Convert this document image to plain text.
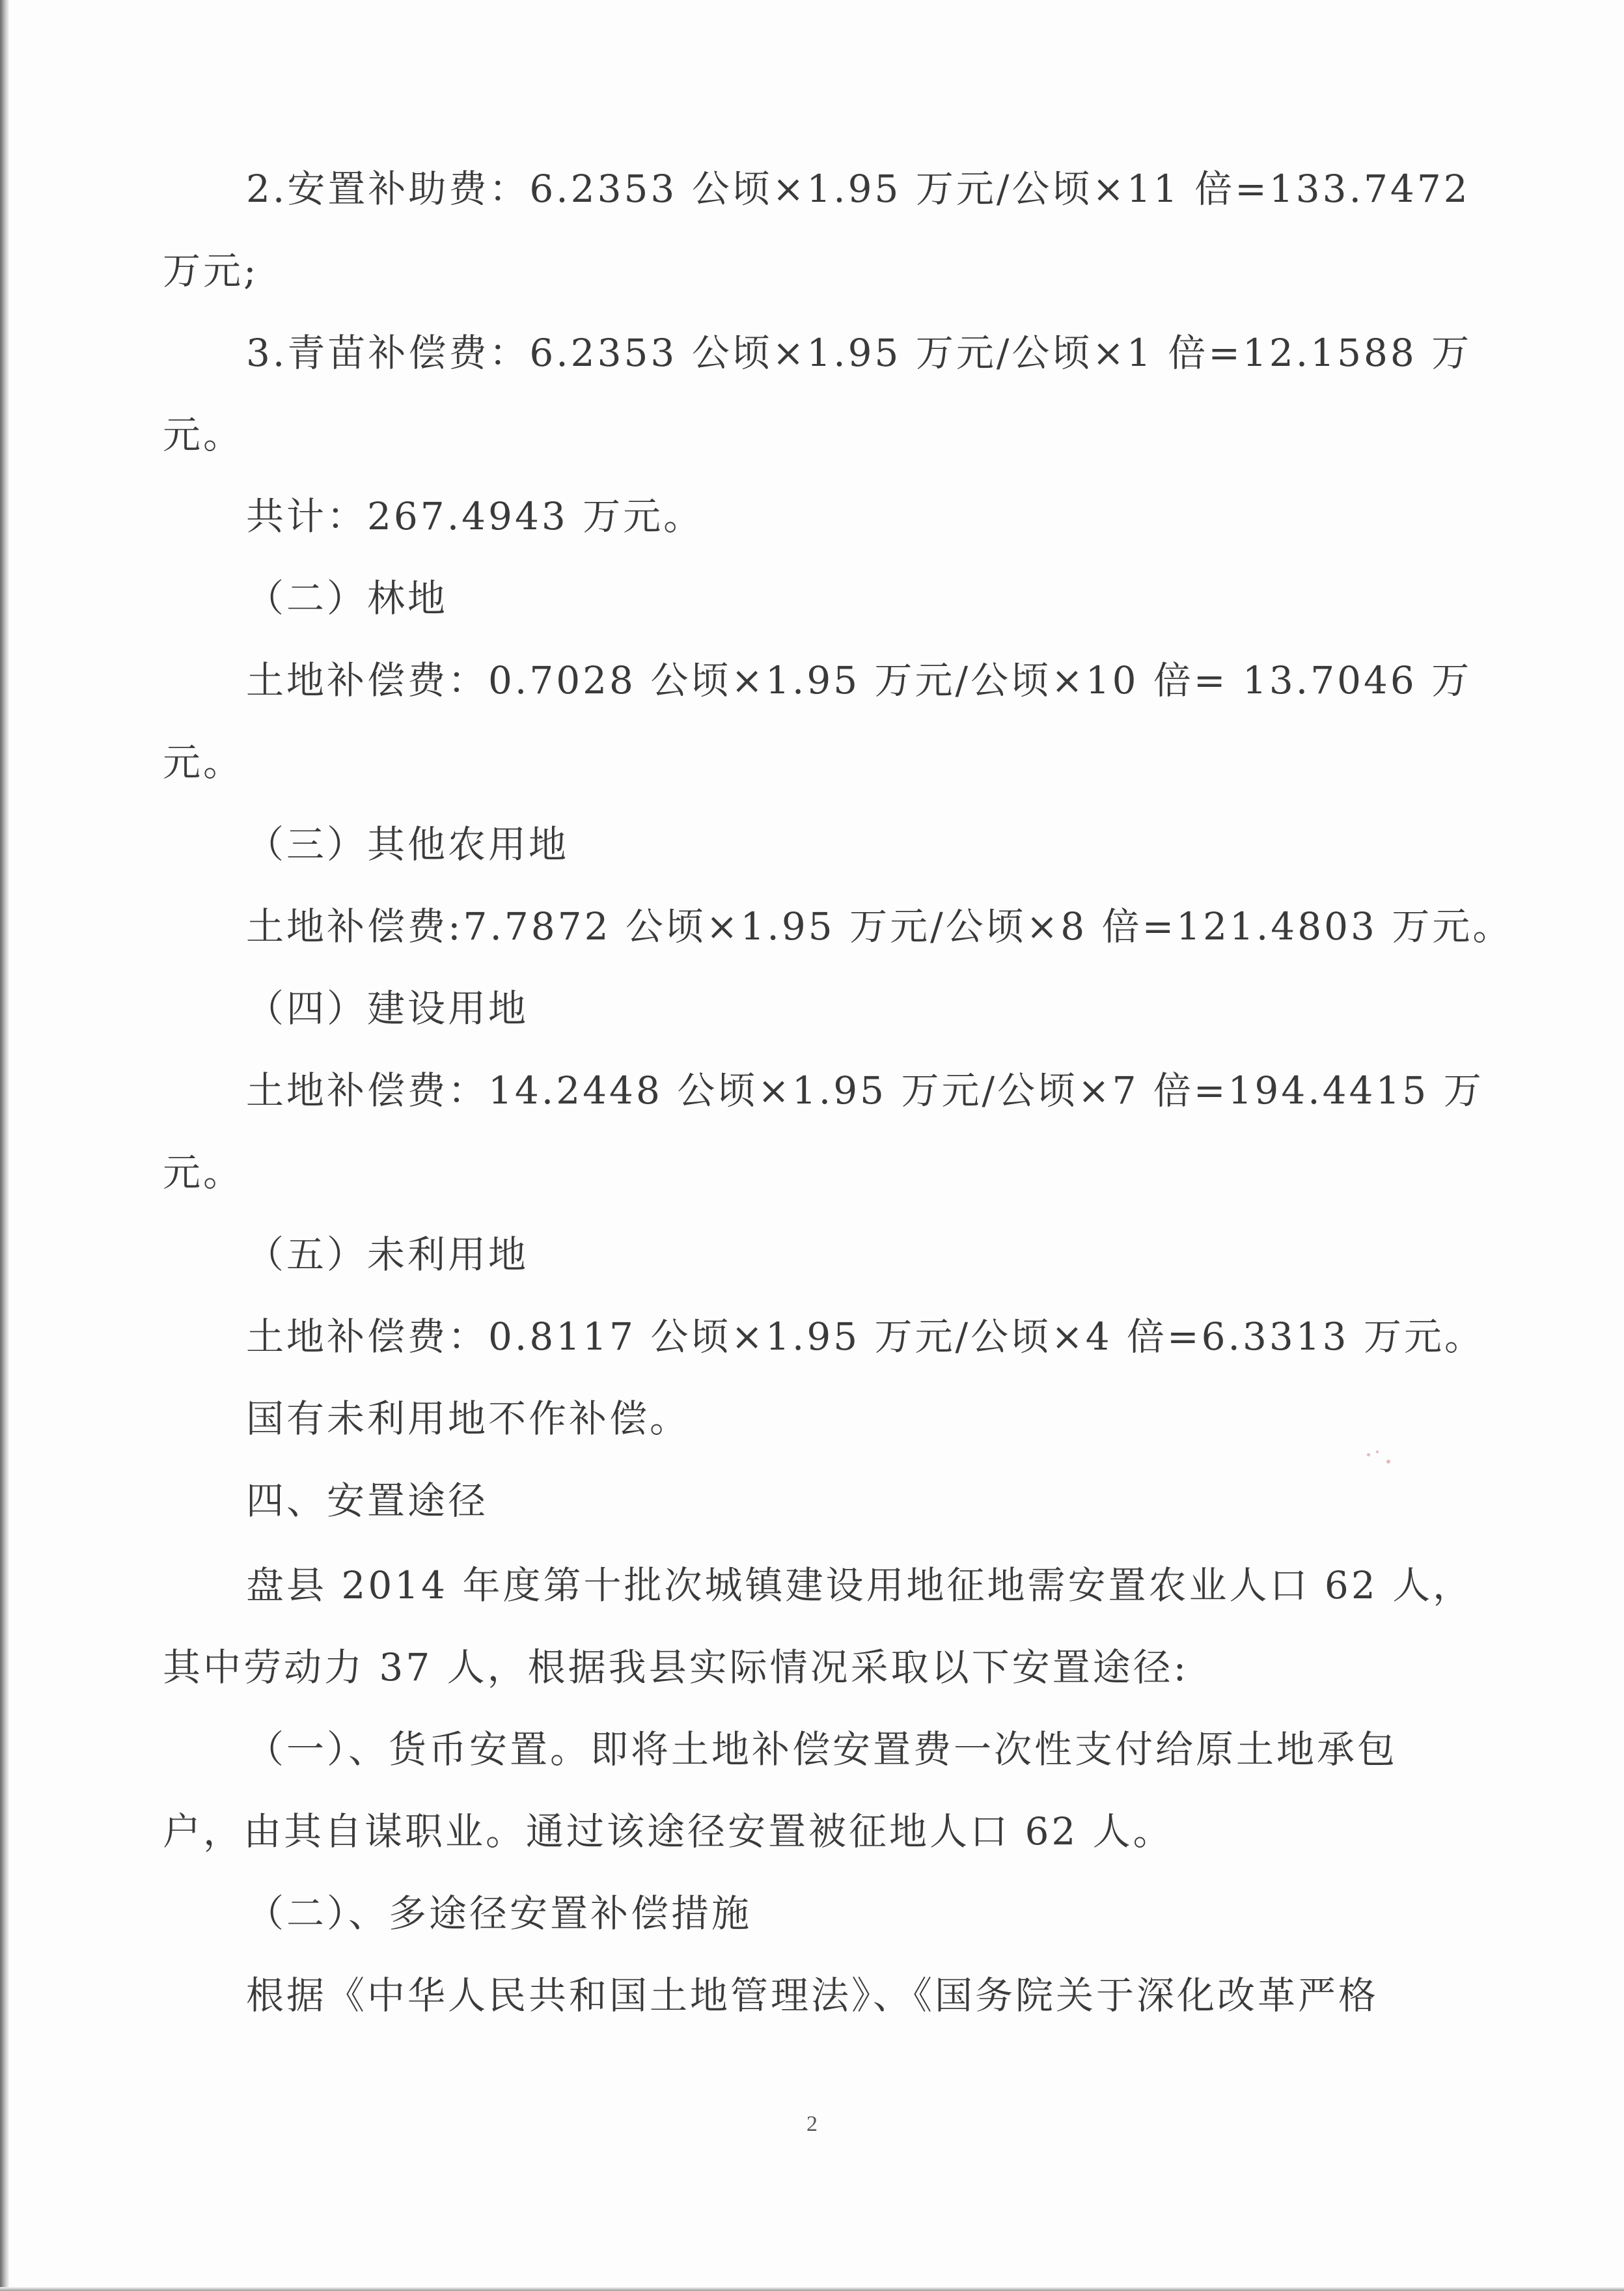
2.安置补助费：6.2353 公顷×1.95 万元/公顷×11 倍=133.7472
万元;
3.青苗补偿费：6.2353 公顷×1.95 万元/公顷×1 倍=12.1588 万
元。
共计：267.4943 万元。
（二）林地
土地补偿费：0.7028 公顷×1.95 万元/公顷×10 倍= 13.7046 万
元。
（三）其他农用地
土地补偿费:7.7872 公顷×1.95 万元/公顷×8 倍=121.4803 万元。
（四）建设用地
土地补偿费：14.2448 公顷×1.95 万元/公顷×7 倍=194.4415 万
元。
（五）未利用地
土地补偿费：0.8117 公顷×1.95 万元/公顷×4 倍=6.3313 万元。
国有未利用地不作补偿。
四、安置途径
盘县 2014 年度第十批次城镇建设用地征地需安置农业人口 62 人，
其中劳动力 37 人，根据我县实际情况采取以下安置途径:
（一）、货币安置。即将土地补偿安置费一次性支付给原土地承包
户，由其自谋职业。通过该途径安置被征地人口 62 人。
（二）、多途径安置补偿措施
根据《中华人民共和国土地管理法》、《国务院关于深化改革严格
2
